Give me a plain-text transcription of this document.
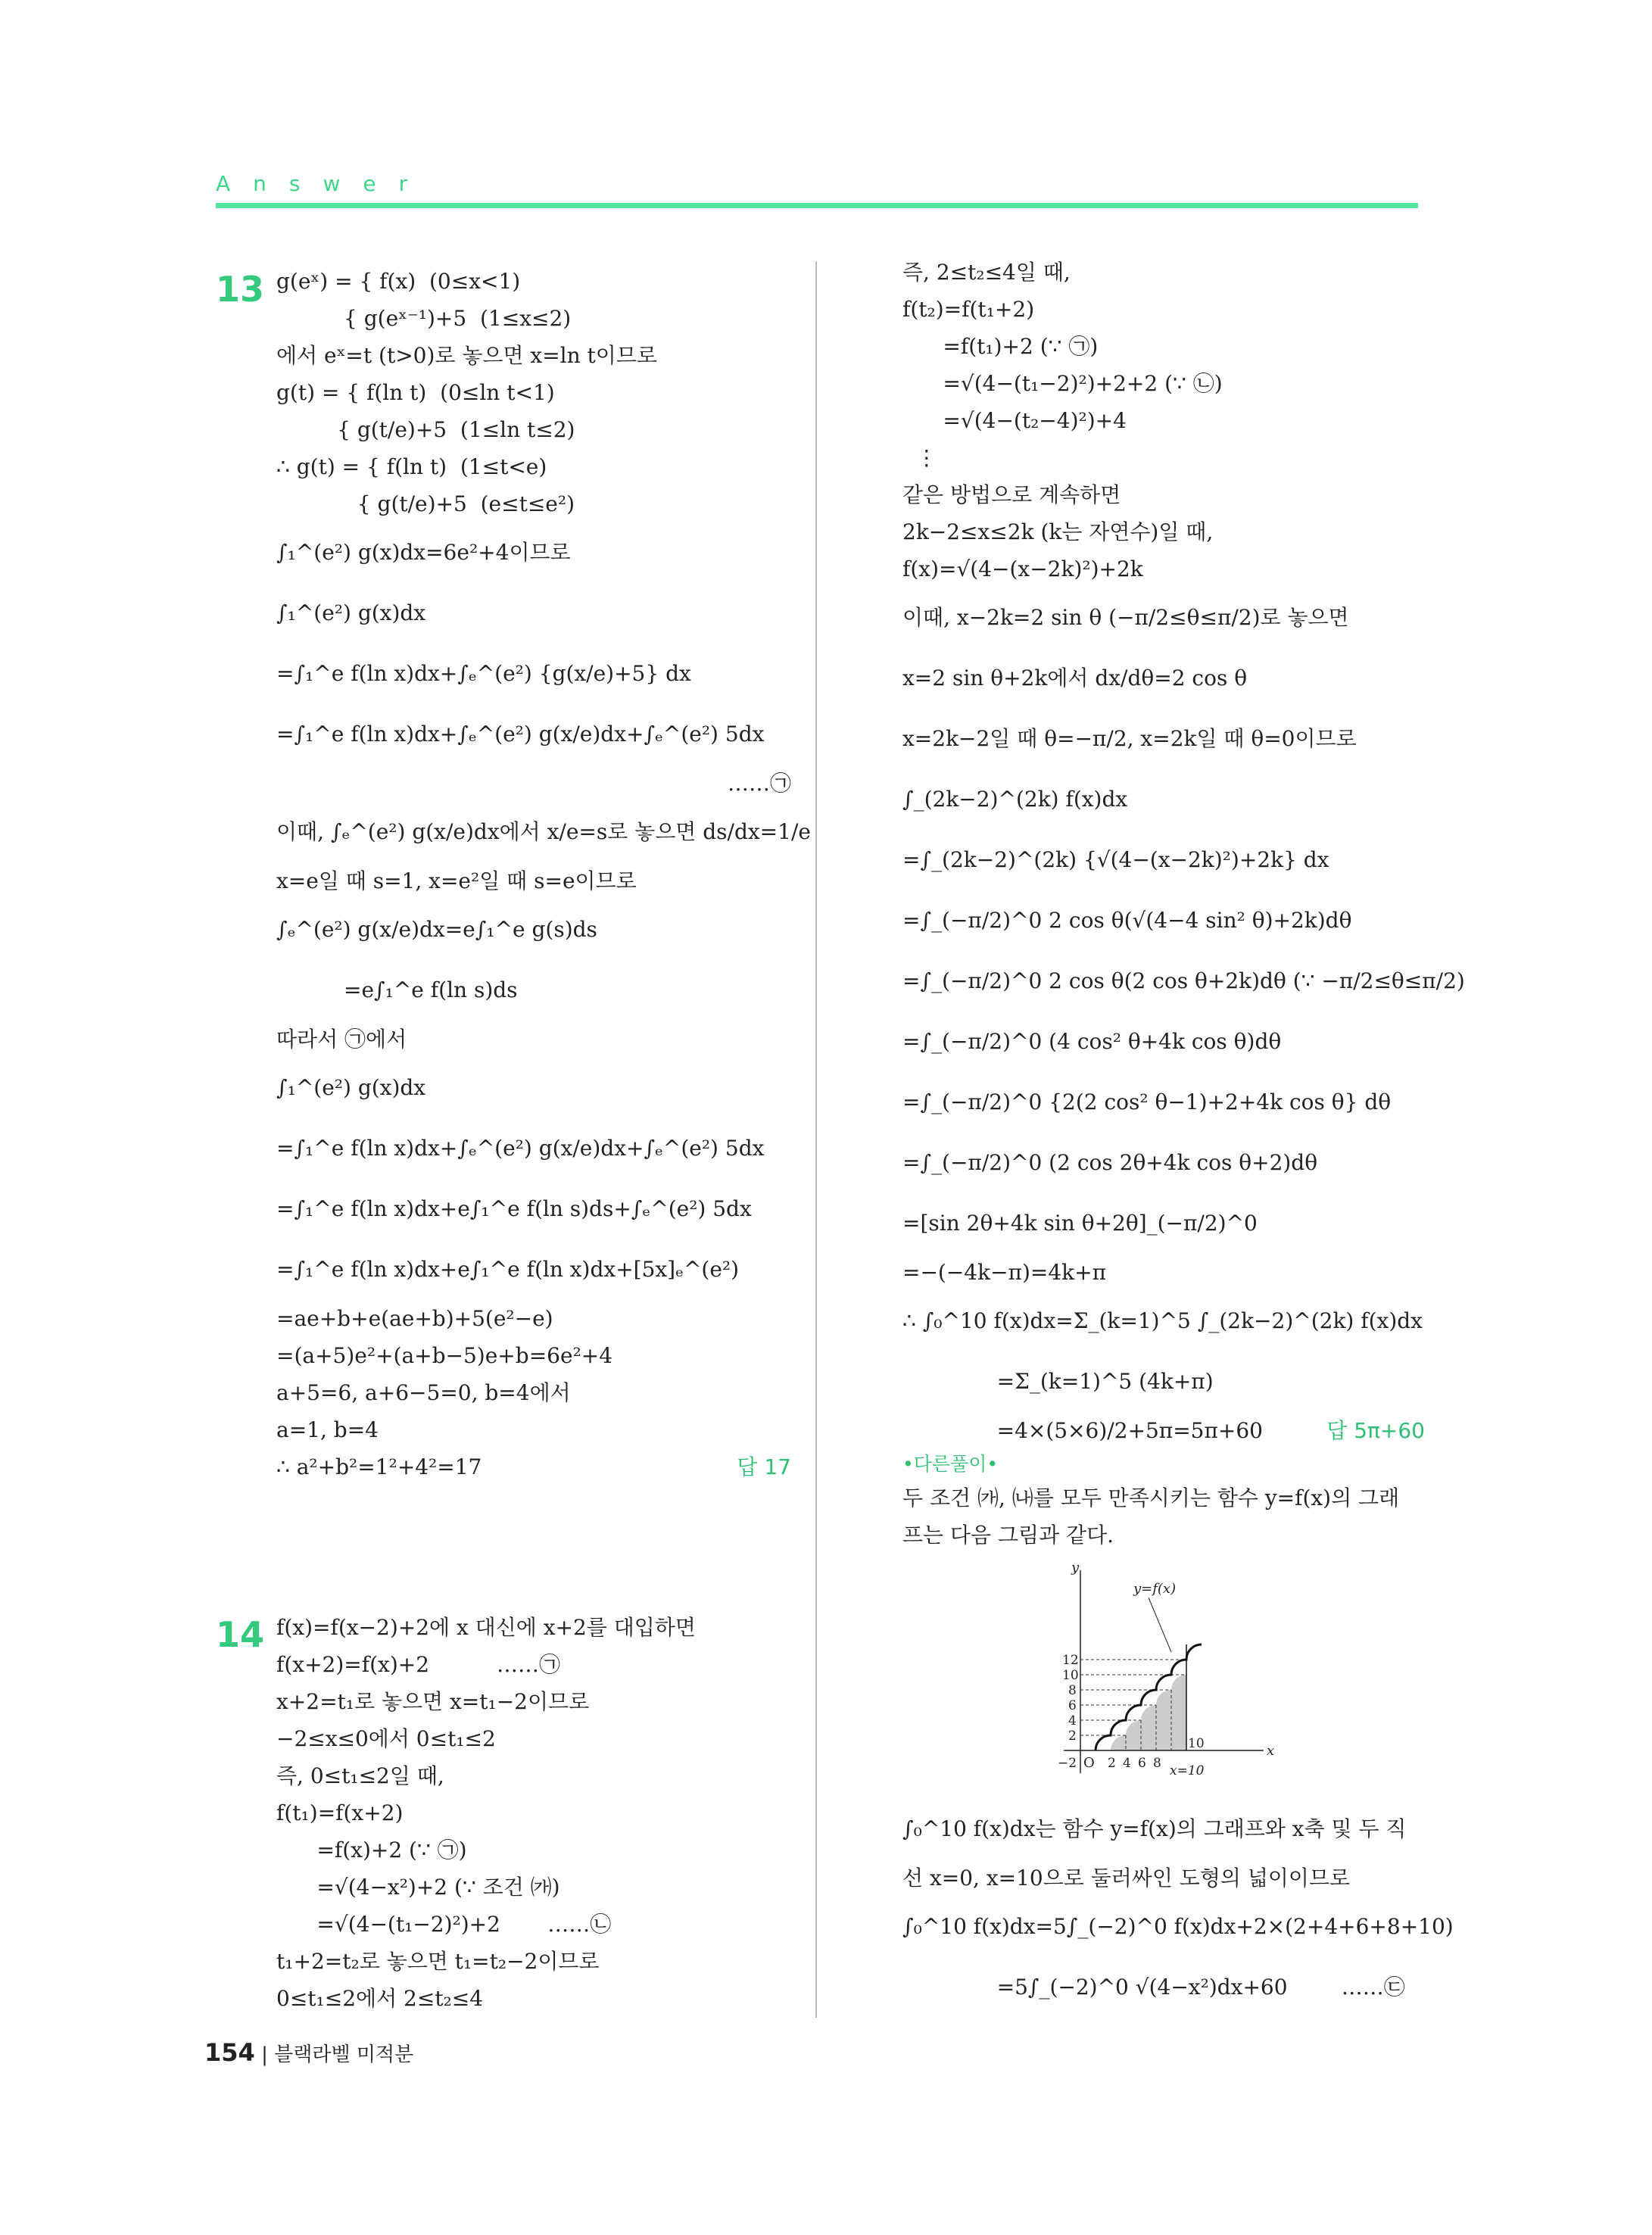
Answer
13 g(eˣ) = { f(x)  (0≤x<1)
{ g(eˣ⁻¹)+5  (1≤x≤2)
에서 eˣ=t (t>0)로 놓으면 x=ln t이므로
g(t) = { f(ln t)  (0≤ln t<1)
{ g(t/e)+5  (1≤ln t≤2)
∴ g(t) = { f(ln t)  (1≤t<e)
{ g(t/e)+5  (e≤t≤e²)
∫₁^(e²) g(x)dx=6e²+4이므로
∫₁^(e²) g(x)dx
=∫₁^e f(ln x)dx+∫ₑ^(e²) {g(x/e)+5} dx
=∫₁^e f(ln x)dx+∫ₑ^(e²) g(x/e)dx+∫ₑ^(e²) 5dx
……㉠
이때, ∫ₑ^(e²) g(x/e)dx에서 x/e=s로 놓으면 ds/dx=1/e
x=e일 때 s=1, x=e²일 때 s=e이므로
∫ₑ^(e²) g(x/e)dx=e∫₁^e g(s)ds
=e∫₁^e f(ln s)ds
따라서 ㉠에서
∫₁^(e²) g(x)dx
=∫₁^e f(ln x)dx+∫ₑ^(e²) g(x/e)dx+∫ₑ^(e²) 5dx
=∫₁^e f(ln x)dx+e∫₁^e f(ln s)ds+∫ₑ^(e²) 5dx
=∫₁^e f(ln x)dx+e∫₁^e f(ln x)dx+[5x]ₑ^(e²)
=ae+b+e(ae+b)+5(e²−e)
=(a+5)e²+(a+b−5)e+b=6e²+4
a+5=6, a+6−5=0, b=4에서
a=1, b=4
∴ a²+b²=1²+4²=17	답 17
14 f(x)=f(x−2)+2에 x 대신에 x+2를 대입하면
f(x+2)=f(x)+2          ……㉠
x+2=t₁로 놓으면 x=t₁−2이므로
−2≤x≤0에서 0≤t₁≤2
즉, 0≤t₁≤2일 때,
f(t₁)=f(x+2)
=f(x)+2 (∵ ㉠)
=√(4−x²)+2 (∵ 조건 ㈎)
=√(4−(t₁−2)²)+2       ……㉡
t₁+2=t₂로 놓으면 t₁=t₂−2이므로
0≤t₁≤2에서 2≤t₂≤4
즉, 2≤t₂≤4일 때,
f(t₂)=f(t₁+2)
=f(t₁)+2 (∵ ㉠)
=√(4−(t₁−2)²)+2+2 (∵ ㉡)
=√(4−(t₂−4)²)+4
⋮
같은 방법으로 계속하면
2k−2≤x≤2k (k는 자연수)일 때,
f(x)=√(4−(x−2k)²)+2k
이때, x−2k=2 sin θ (−π/2≤θ≤π/2)로 놓으면
x=2 sin θ+2k에서 dx/dθ=2 cos θ
x=2k−2일 때 θ=−π/2, x=2k일 때 θ=0이므로
∫_(2k−2)^(2k) f(x)dx
=∫_(2k−2)^(2k) {√(4−(x−2k)²)+2k} dx
=∫_(−π/2)^0 2 cos θ(√(4−4 sin² θ)+2k)dθ
=∫_(−π/2)^0 2 cos θ(2 cos θ+2k)dθ (∵ −π/2≤θ≤π/2)
=∫_(−π/2)^0 (4 cos² θ+4k cos θ)dθ
=∫_(−π/2)^0 {2(2 cos² θ−1)+2+4k cos θ} dθ
=∫_(−π/2)^0 (2 cos 2θ+4k cos θ+2)dθ
=[sin 2θ+4k sin θ+2θ]_(−π/2)^0
=−(−4k−π)=4k+π
∴ ∫₀^10 f(x)dx=Σ_(k=1)^5 ∫_(2k−2)^(2k) f(x)dx
=Σ_(k=1)^5 (4k+π)
=4×(5×6)/2+5π=5π+60	답 5π+60
•다른풀이•
두 조건 ㈎, ㈏를 모두 만족시키는 함수 y=f(x)의 그래
프는 다음 그림과 같다.
y=f(x)
y
x
O
−2 2 4 6 8
10
x=10
2
4
6
8
10
12
∫₀^10 f(x)dx는 함수 y=f(x)의 그래프와 x축 및 두 직
선 x=0, x=10으로 둘러싸인 도형의 넓이이므로
∫₀^10 f(x)dx=5∫_(−2)^0 f(x)dx+2×(2+4+6+8+10)
=5∫_(−2)^0 √(4−x²)dx+60        ……㉢
154 | 블랙라벨 미적분
